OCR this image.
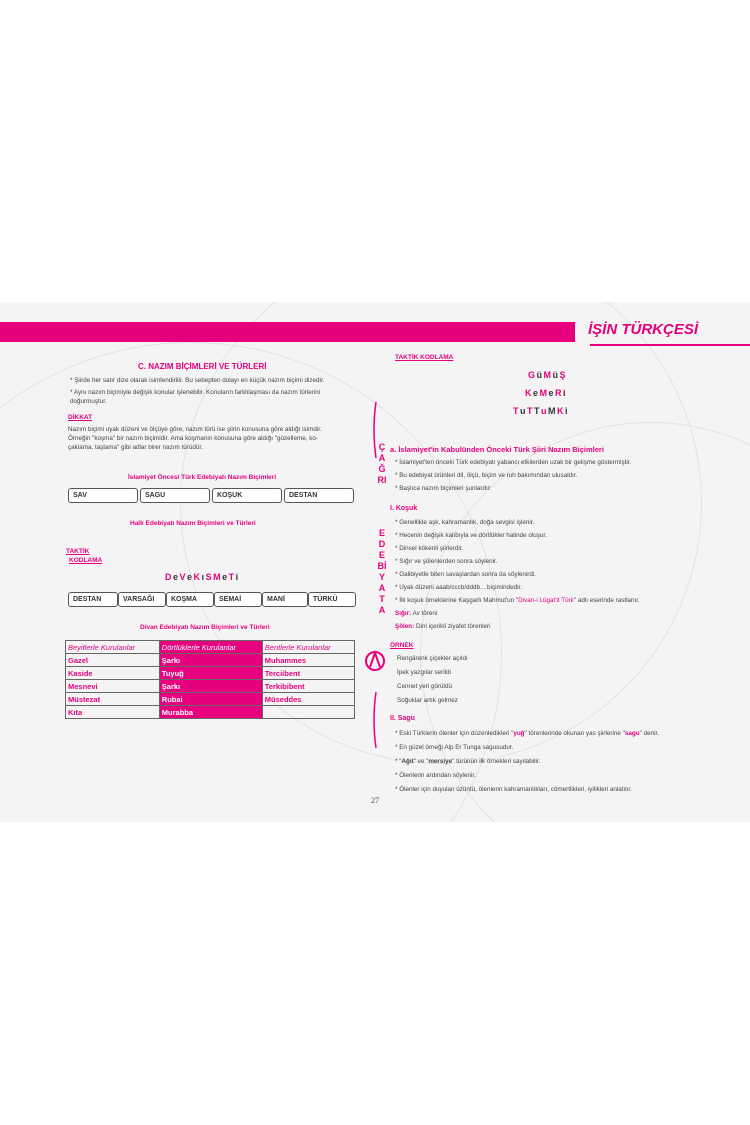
İŞİN TÜRKÇESİ
C. NAZIM BİÇİMLERİ VE TÜRLERİ
* Şiirde her satır dize olarak isimlendirilir. Bu sebepten dolayı en küçük nazım biçimi dizedir.
* Aynı nazım biçimiyle değişik konular işlenebilir. Konuların farklılaşması da nazım türlerini
doğurmuştur.
DİKKAT
Nazım biçimi uyak düzeni ve ölçüye göre, nazım türü ise şiirin konusuna göre aldığı isimdir.
Örneğin "koşma" bir nazım biçimidir. Ama koşmanın konusuna göre aldığı "güzelleme, ko-
çaklama, taşlama" gibi adlar birer nazım türüdür.
İslamiyet Öncesi Türk Edebiyatı Nazım Biçimleri
SAV	SAGU	KOŞUK	DESTAN
Halk Edebiyatı Nazım Biçimleri ve Türleri
TAKTİK
KODLAMA
DeVeKıSMeTi
DESTAN	VARSAĞI	KOŞMA	SEMAİ	MANİ	TÜRKÜ
Divan Edebiyatı Nazım Biçimleri ve Türleri
Beyitlerle Kurulanlar	Dörtlüklerle Kurulanlar	Bentlerle Kurulanlar
Gazel	Şarkı	Muhammes
Kaside	Tuyuğ	Terciibent
Mesnevi	Şarkı	Terkibibent
Müstezat	Rubai	Müseddes
Kıta	Murabba	
ÇAĞRI
EDEBİYATA
TAKTİK KODLAMA
GüMüŞ
KeMeRi
TuTTuMKi
a. İslamiyet'in Kabulünden Önceki Türk Şiiri Nazım Biçimleri
* İslamiyet'ten önceki Türk edebiyatı yabancı etkilerden uzak bir gelişme göstermiştir.
* Bu edebiyat ürünleri dil, ölçü, biçim ve ruh bakımından ulusaldır.
* Başlıca nazım biçimleri şunlardır:
I. Koşuk
* Genellikle aşk, kahramanlık, doğa sevgisi işlenir.
* Hecenin değişik kalıbıyla ve dörtlükler halinde oluşur.
* Dinsel kökenli şiirlerdir.
* Sığır ve şölenlerden sonra söylenir.
* Galibiyetle biten savaşlardan sonra da söylenirdi.
* Uyak düzeni aaab/cccb/dddb... biçimindedir.
* İlk koşuk örneklerine Kaşgarlı Mahmut'un "Divan-i Lügat'it Türk" adlı eserinde rastlanır.
Sığır: Av töreni
Şölen: Dini içerikli ziyafet törenleri
ÖRNEK
Rengârenk çiçekler açıldı
İpek yazgılar serildi
Cennet yeri görüldü
Soğuklar artık gelmez
II. Sagu
* Eski Türklerin ölenler için düzenledikleri "yuğ" törenlerinde okunan yas şiirlerine "sagu" denir.
* En güzel örneği Alp Er Tunga sagusudur.
* "Ağıt" ve "mersiye" türünün ilk örnekleri sayılabilir.
* Ölenlerin ardından söylenir.
* Ölenler için duyulan üzüntü, ölenlerin kahramanlıkları, cömertlikleri, iyilikleri anlatılır.
27
